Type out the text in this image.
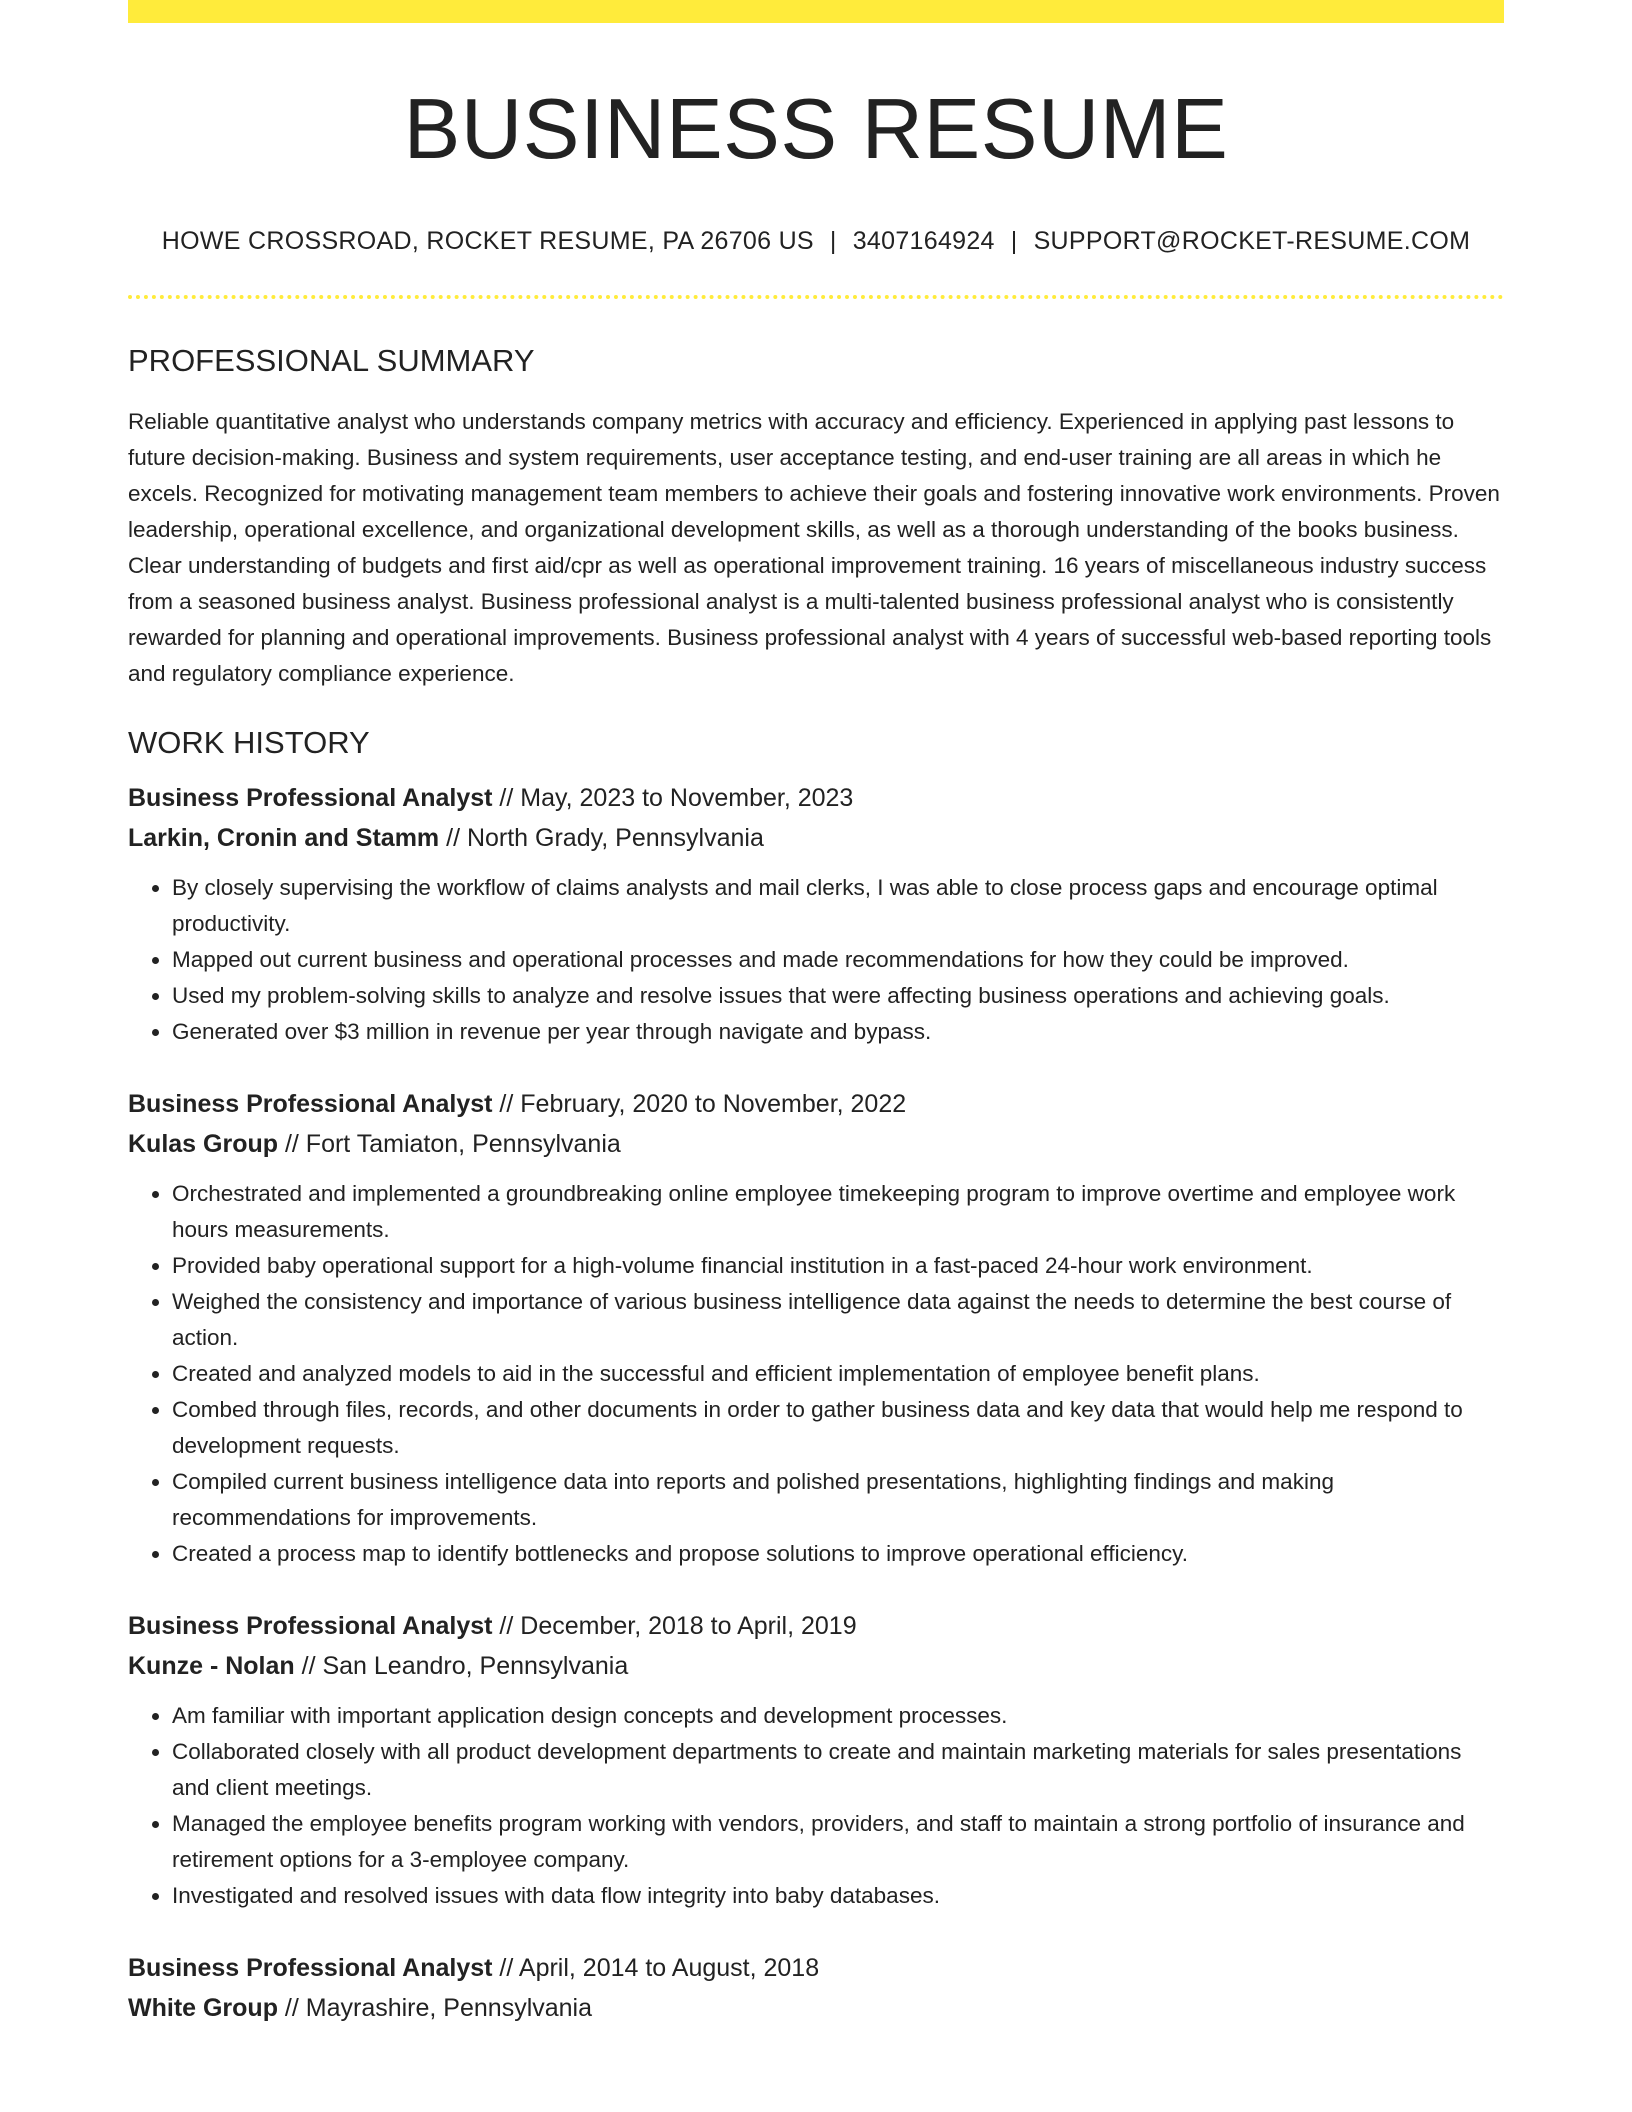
BUSINESS RESUME
HOWE CROSSROAD, ROCKET RESUME, PA 26706 US | 3407164924 | SUPPORT@ROCKET-RESUME.COM
PROFESSIONAL SUMMARY

Reliable quantitative analyst who understands company metrics with accuracy and efficiency. Experienced in applying past lessons to future decision-making. Business and system requirements, user acceptance testing, and end-user training are all areas in which he excels. Recognized for motivating management team members to achieve their goals and fostering innovative work environments. Proven leadership, operational excellence, and organizational development skills, as well as a thorough understanding of the books business. Clear understanding of budgets and first aid/cpr as well as operational improvement training. 16 years of miscellaneous industry success from a seasoned business analyst. Business professional analyst is a multi-talented business professional analyst who is consistently rewarded for planning and operational improvements. Business professional analyst with 4 years of successful web-based reporting tools and regulatory compliance experience.

WORK HISTORY
Business Professional Analyst // May, 2023 to November, 2023
Larkin, Cronin and Stamm // North Grady, Pennsylvania
• By closely supervising the workflow of claims analysts and mail clerks, I was able to close process gaps and encourage optimal productivity.
• Mapped out current business and operational processes and made recommendations for how they could be improved.
• Used my problem-solving skills to analyze and resolve issues that were affecting business operations and achieving goals.
• Generated over $3 million in revenue per year through navigate and bypass.
Business Professional Analyst // February, 2020 to November, 2022
Kulas Group // Fort Tamiaton, Pennsylvania
• Orchestrated and implemented a groundbreaking online employee timekeeping program to improve overtime and employee work hours measurements.
• Provided baby operational support for a high-volume financial institution in a fast-paced 24-hour work environment.
• Weighed the consistency and importance of various business intelligence data against the needs to determine the best course of action.
• Created and analyzed models to aid in the successful and efficient implementation of employee benefit plans.
• Combed through files, records, and other documents in order to gather business data and key data that would help me respond to development requests.
• Compiled current business intelligence data into reports and polished presentations, highlighting findings and making recommendations for improvements.
• Created a process map to identify bottlenecks and propose solutions to improve operational efficiency.
Business Professional Analyst // December, 2018 to April, 2019
Kunze - Nolan // San Leandro, Pennsylvania
• Am familiar with important application design concepts and development processes.
• Collaborated closely with all product development departments to create and maintain marketing materials for sales presentations and client meetings.
• Managed the employee benefits program working with vendors, providers, and staff to maintain a strong portfolio of insurance and retirement options for a 3-employee company.
• Investigated and resolved issues with data flow integrity into baby databases.
Business Professional Analyst // April, 2014 to August, 2018
White Group // Mayrashire, Pennsylvania
